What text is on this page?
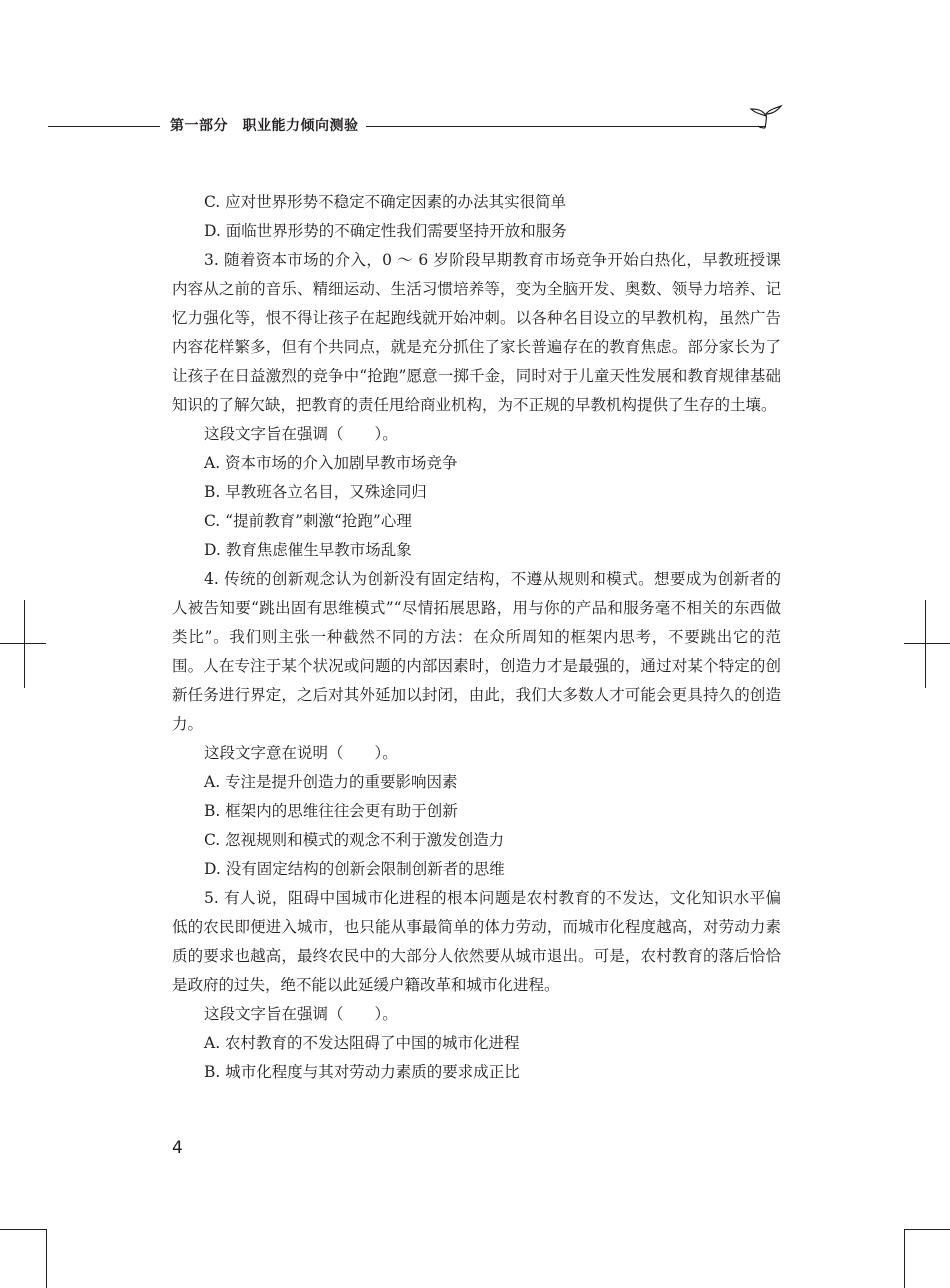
第一部分　职业能力倾向测验

C. 应对世界形势不稳定不确定因素的办法其实很简单

D. 面临世界形势的不确定性我们需要坚持开放和服务

3. 随着资本市场的介入，0 ～ 6 岁阶段早期教育市场竞争开始白热化，早教班授课内容从之前的音乐、精细运动、生活习惯培养等，变为全脑开发、奥数、领导力培养、记忆力强化等，恨不得让孩子在起跑线就开始冲刺。以各种名目设立的早教机构，虽然广告内容花样繁多，但有个共同点，就是充分抓住了家长普遍存在的教育焦虑。部分家长为了让孩子在日益激烈的竞争中“抢跑”愿意一掷千金，同时对于儿童天性发展和教育规律基础知识的了解欠缺，把教育的责任甩给商业机构，为不正规的早教机构提供了生存的土壤。

这段文字旨在强调（　　）。

A. 资本市场的介入加剧早教市场竞争

B. 早教班各立名目，又殊途同归

C. “提前教育”刺激“抢跑”心理

D. 教育焦虑催生早教市场乱象

4. 传统的创新观念认为创新没有固定结构，不遵从规则和模式。想要成为创新者的人被告知要“跳出固有思维模式”“尽情拓展思路，用与你的产品和服务毫不相关的东西做类比”。我们则主张一种截然不同的方法：在众所周知的框架内思考，不要跳出它的范围。人在专注于某个状况或问题的内部因素时，创造力才是最强的，通过对某个特定的创新任务进行界定，之后对其外延加以封闭，由此，我们大多数人才可能会更具持久的创造力。

这段文字意在说明（　　）。

A. 专注是提升创造力的重要影响因素

B. 框架内的思维往往会更有助于创新

C. 忽视规则和模式的观念不利于激发创造力

D. 没有固定结构的创新会限制创新者的思维

5. 有人说，阻碍中国城市化进程的根本问题是农村教育的不发达，文化知识水平偏低的农民即便进入城市，也只能从事最简单的体力劳动，而城市化程度越高，对劳动力素质的要求也越高，最终农民中的大部分人依然要从城市退出。可是，农村教育的落后恰恰是政府的过失，绝不能以此延缓户籍改革和城市化进程。

这段文字旨在强调（　　）。

A. 农村教育的不发达阻碍了中国的城市化进程

B. 城市化程度与其对劳动力素质的要求成正比

4
